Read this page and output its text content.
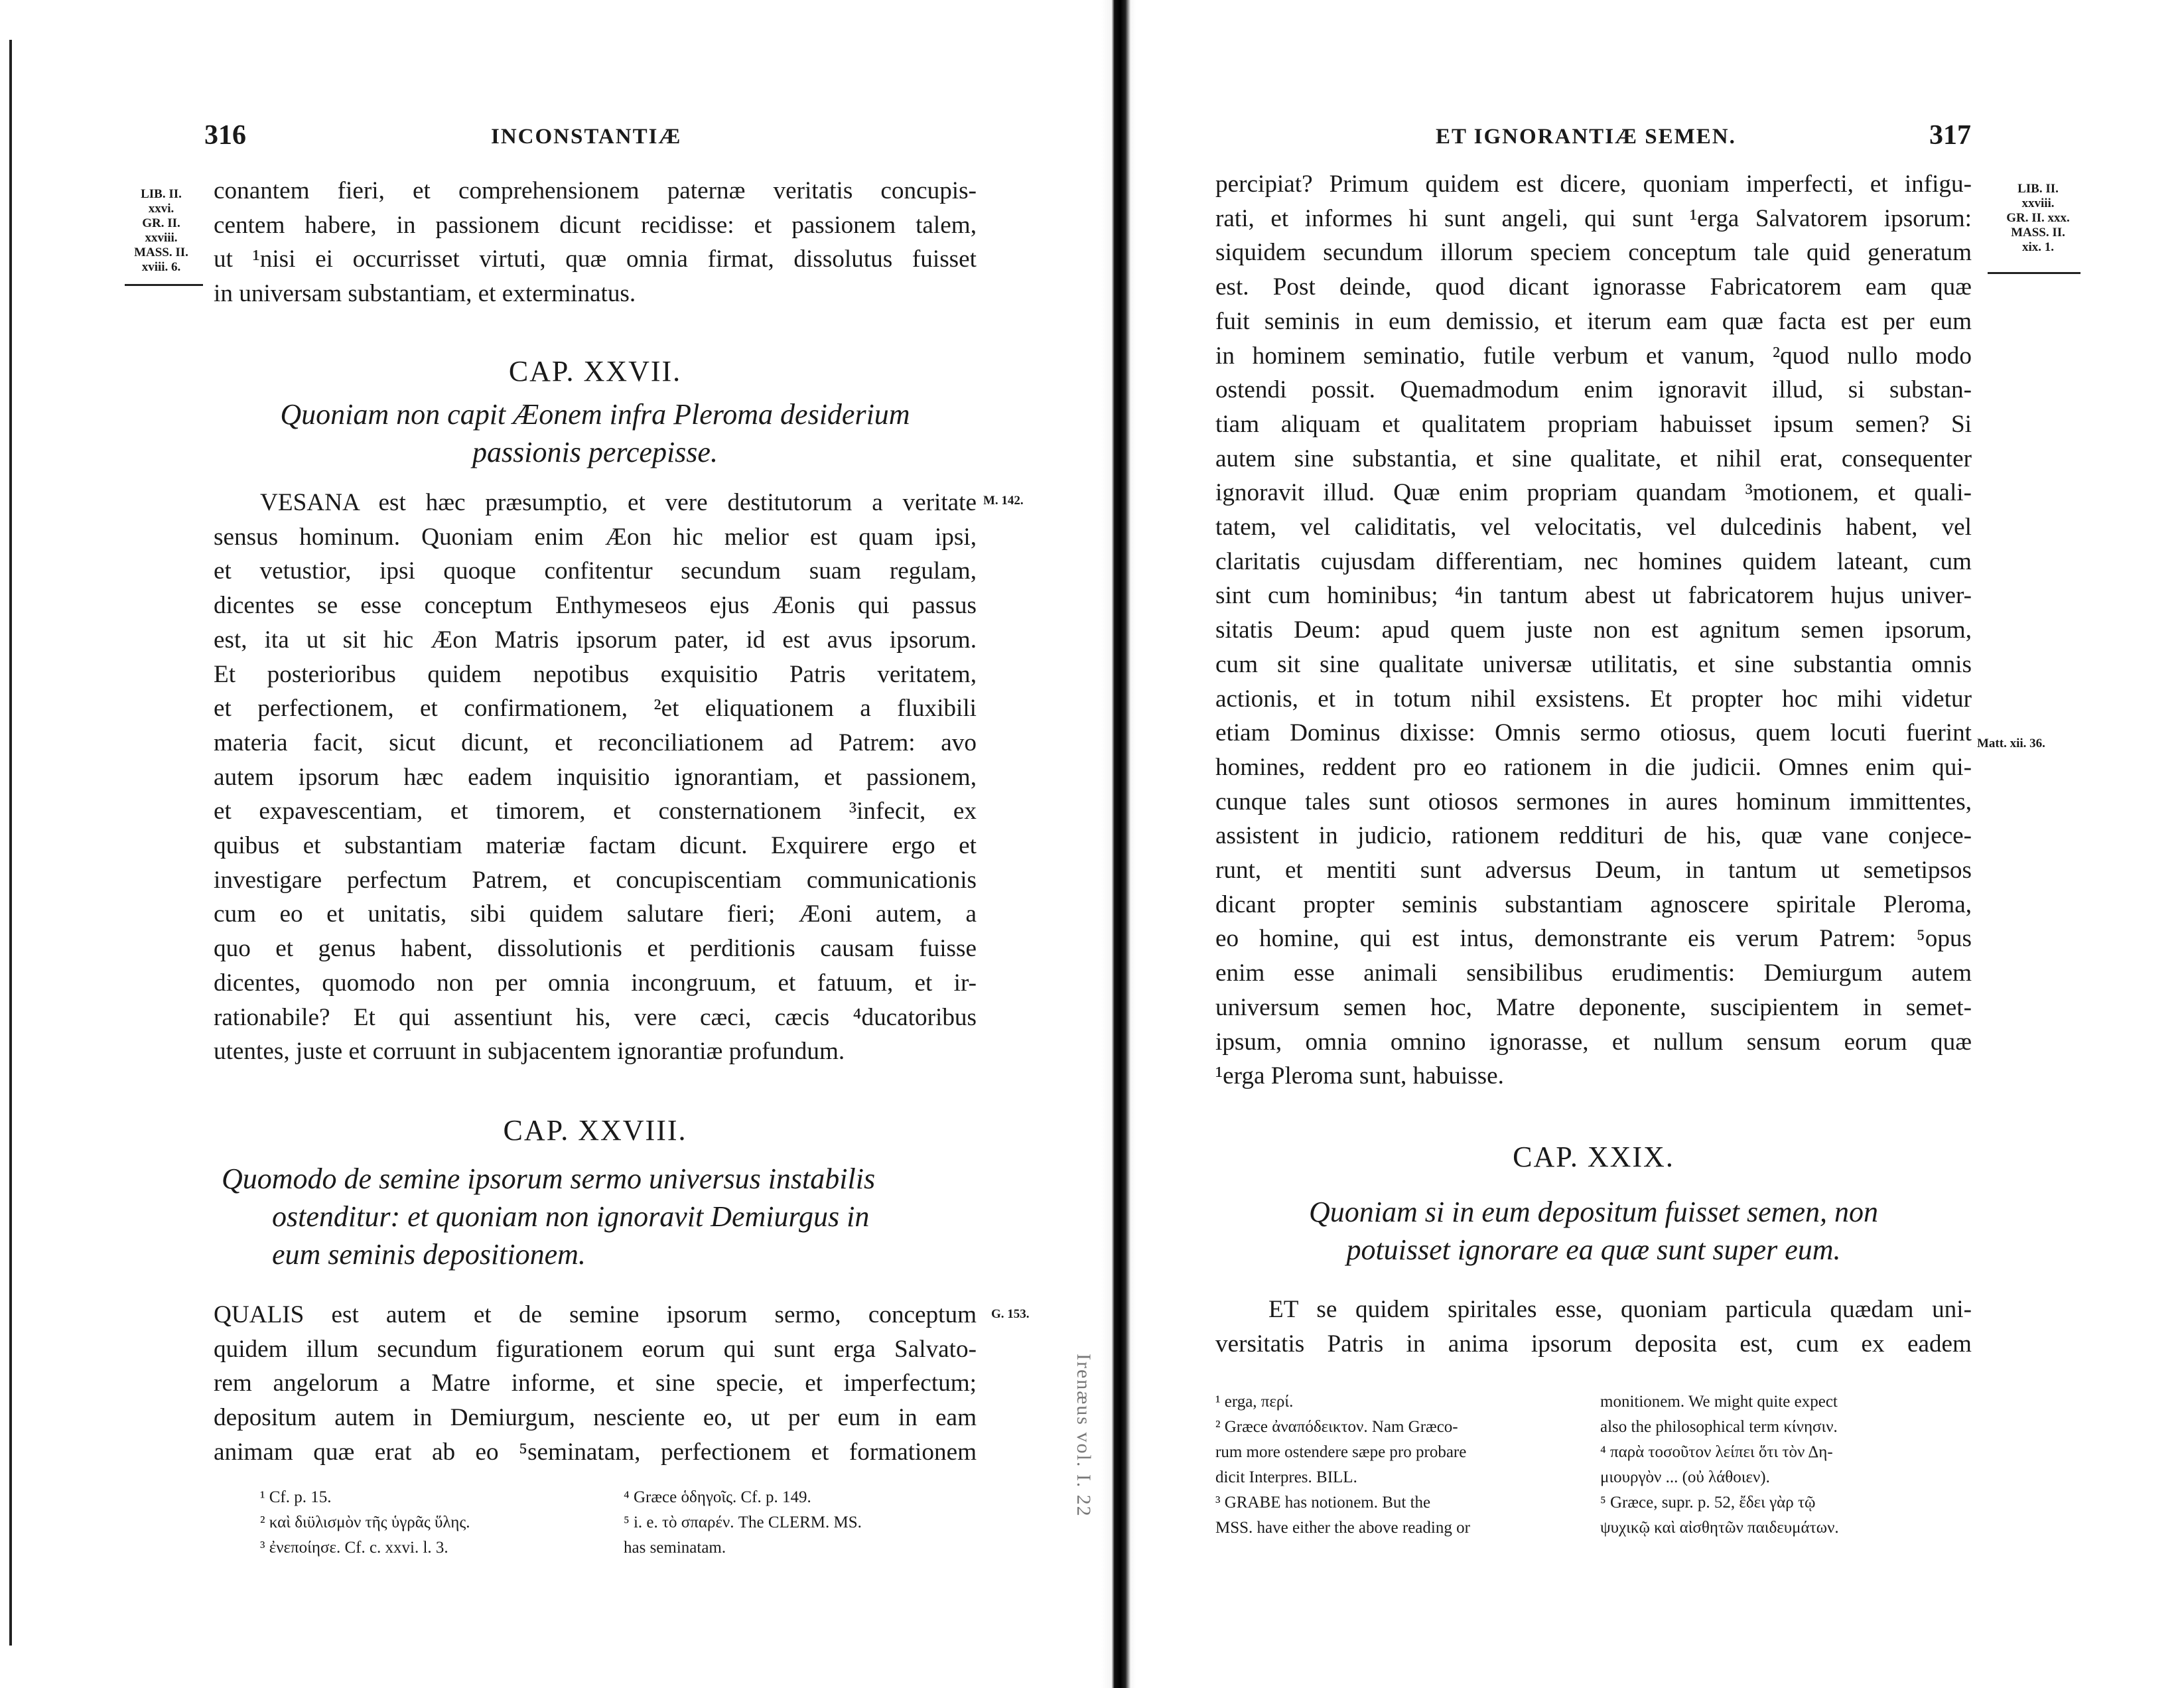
316	INCONSTANTIÆ
LIB. II.
xxvi.
GR. II.
xxviii.
MASS. II.
xviii. 6.
conantem fieri, et comprehensionem paternæ veritatis concupis-
centem habere, in passionem dicunt recidisse: et passionem talem,
ut ¹nisi ei occurrisset virtuti, quæ omnia firmat, dissolutus fuisset
in universam substantiam, et exterminatus.
CAP. XXVII.
Quoniam non capit Æonem infra Pleroma desiderium
passionis percepisse.
M. 142.
VESANA est hæc præsumptio, et vere destitutorum a veritate
sensus hominum. Quoniam enim Æon hic melior est quam ipsi,
et vetustior, ipsi quoque confitentur secundum suam regulam,
dicentes se esse conceptum Enthymeseos ejus Æonis qui passus
est, ita ut sit hic Æon Matris ipsorum pater, id est avus ipsorum.
Et posterioribus quidem nepotibus exquisitio Patris veritatem,
et perfectionem, et confirmationem, ²et eliquationem a fluxibili
materia facit, sicut dicunt, et reconciliationem ad Patrem: avo
autem ipsorum hæc eadem inquisitio ignorantiam, et passionem,
et expavescentiam, et timorem, et consternationem ³infecit, ex
quibus et substantiam materiæ factam dicunt. Exquirere ergo et
investigare perfectum Patrem, et concupiscentiam communicationis
cum eo et unitatis, sibi quidem salutare fieri; Æoni autem, a
quo et genus habent, dissolutionis et perditionis causam fuisse
dicentes, quomodo non per omnia incongruum, et fatuum, et ir-
rationabile? Et qui assentiunt his, vere cæci, cæcis ⁴ducatoribus
utentes, juste et corruunt in subjacentem ignorantiæ profundum.
CAP. XXVIII.
Quomodo de semine ipsorum sermo universus instabilis
ostenditur: et quoniam non ignoravit Demiurgus in
eum seminis depositionem.
G. 153.
QUALIS est autem et de semine ipsorum sermo, conceptum
quidem illum secundum figurationem eorum qui sunt erga Salvato-
rem angelorum a Matre informe, et sine specie, et imperfectum;
depositum autem in Demiurgum, nesciente eo, ut per eum in eam
animam quæ erat ab eo ⁵seminatam, perfectionem et formationem
¹ Cf. p. 15.
² καὶ διϋλισμὸν τῆς ὑγρᾶς ὕλης.
³ ἐνεποίησε. Cf. c. xxvi. l. 3.
⁴ Græce ὁδηγοῖς. Cf. p. 149.
⁵ i. e. τὸ σπαρέν. The CLERM. MS.
has seminatam.
Irenæus vol. I. 22
ET IGNORANTIÆ SEMEN.	317
LIB. II.
xxviii.
GR. II. xxx.
MASS. II.
xix. 1.
Matt. xii. 36.
percipiat? Primum quidem est dicere, quoniam imperfecti, et infigu-
rati, et informes hi sunt angeli, qui sunt ¹erga Salvatorem ipsorum:
siquidem secundum illorum speciem conceptum tale quid generatum
est. Post deinde, quod dicant ignorasse Fabricatorem eam quæ
fuit seminis in eum demissio, et iterum eam quæ facta est per eum
in hominem seminatio, futile verbum et vanum, ²quod nullo modo
ostendi possit. Quemadmodum enim ignoravit illud, si substan-
tiam aliquam et qualitatem propriam habuisset ipsum semen? Si
autem sine substantia, et sine qualitate, et nihil erat, consequenter
ignoravit illud. Quæ enim propriam quandam ³motionem, et quali-
tatem, vel caliditatis, vel velocitatis, vel dulcedinis habent, vel
claritatis cujusdam differentiam, nec homines quidem lateant, cum
sint cum hominibus; ⁴in tantum abest ut fabricatorem hujus univer-
sitatis Deum: apud quem juste non est agnitum semen ipsorum,
cum sit sine qualitate universæ utilitatis, et sine substantia omnis
actionis, et in totum nihil exsistens. Et propter hoc mihi videtur
etiam Dominus dixisse: Omnis sermo otiosus, quem locuti fuerint
homines, reddent pro eo rationem in die judicii. Omnes enim qui-
cunque tales sunt otiosos sermones in aures hominum immittentes,
assistent in judicio, rationem reddituri de his, quæ vane conjece-
runt, et mentiti sunt adversus Deum, in tantum ut semetipsos
dicant propter seminis substantiam agnoscere spiritale Pleroma,
eo homine, qui est intus, demonstrante eis verum Patrem: ⁵opus
enim esse animali sensibilibus erudimentis: Demiurgum autem
universum semen hoc, Matre deponente, suscipientem in semet-
ipsum, omnia omnino ignorasse, et nullum sensum eorum quæ
¹erga Pleroma sunt, habuisse.
CAP. XXIX.
Quoniam si in eum depositum fuisset semen, non
potuisset ignorare ea quæ sunt super eum.
ET se quidem spiritales esse, quoniam particula quædam uni-
versitatis Patris in anima ipsorum deposita est, cum ex eadem
¹ erga, περί.
² Græce ἀναπόδεικτον. Nam Græco-
rum more ostendere sæpe pro probare
dicit Interpres. BILL.
³ GRABE has notionem. But the
MSS. have either the above reading or
monitionem. We might quite expect
also the philosophical term κίνησιν.
⁴ παρὰ τοσοῦτον λείπει ὅτι τὸν Δη-
μιουργὸν ... (οὐ λάθοιεν).
⁵ Græce, supr. p. 52, ἔδει γὰρ τῷ
ψυχικῷ καὶ αἰσθητῶν παιδευμάτων.
